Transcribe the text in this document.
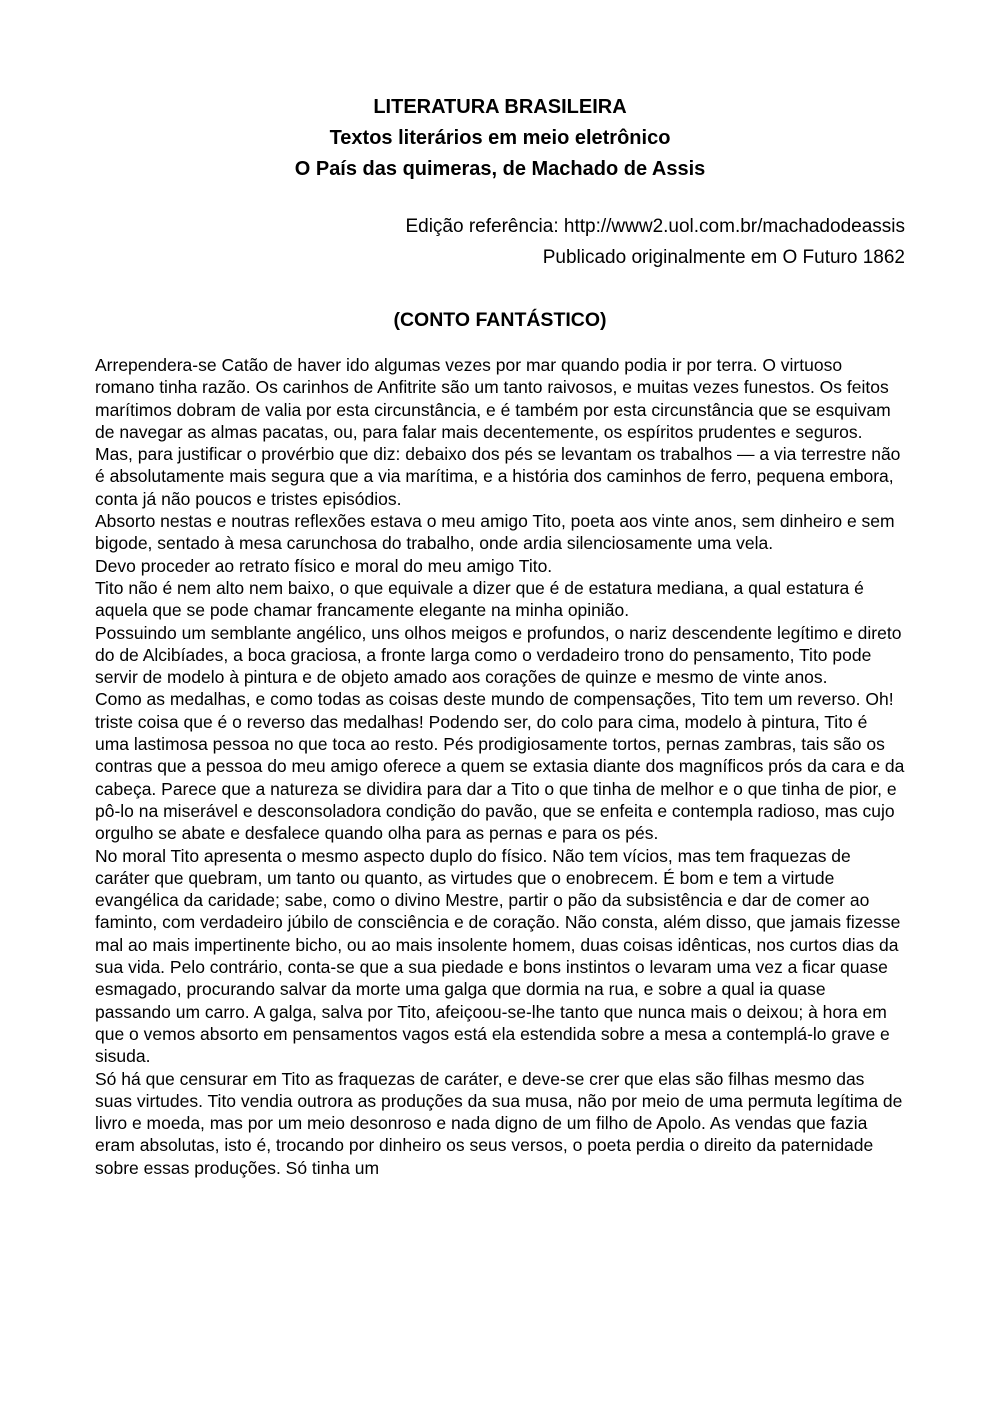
LITERATURA BRASILEIRA
Textos literários em meio eletrônico
O País das quimeras, de Machado de Assis
Edição referência: http://www2.uol.com.br/machadodeassis
Publicado originalmente em O Futuro 1862
(CONTO FANTÁSTICO)

Arrependera-se Catão de haver ido algumas vezes por mar quando podia ir por terra. O virtuoso romano tinha razão. Os carinhos de Anfitrite são um tanto raivosos, e muitas vezes funestos. Os feitos marítimos dobram de valia por esta circunstância, e é também por esta circunstância que se esquivam de navegar as almas pacatas, ou, para falar mais decentemente, os espíritos prudentes e seguros.

Mas, para justificar o provérbio que diz: debaixo dos pés se levantam os trabalhos — a via terrestre não é absolutamente mais segura que a via marítima, e a história dos caminhos de ferro, pequena embora, conta já não poucos e tristes episódios.

Absorto nestas e noutras reflexões estava o meu amigo Tito, poeta aos vinte anos, sem dinheiro e sem bigode, sentado à mesa carunchosa do trabalho, onde ardia silenciosamente uma vela.

Devo proceder ao retrato físico e moral do meu amigo Tito.

Tito não é nem alto nem baixo, o que equivale a dizer que é de estatura mediana, a qual estatura é aquela que se pode chamar francamente elegante na minha opinião.

Possuindo um semblante angélico, uns olhos meigos e profundos, o nariz descendente legítimo e direto do de Alcibíades, a boca graciosa, a fronte larga como o verdadeiro trono do pensamento, Tito pode servir de modelo à pintura e de objeto amado aos corações de quinze e mesmo de vinte anos.

Como as medalhas, e como todas as coisas deste mundo de compensações, Tito tem um reverso. Oh! triste coisa que é o reverso das medalhas! Podendo ser, do colo para cima, modelo à pintura, Tito é uma lastimosa pessoa no que toca ao resto. Pés prodigiosamente tortos, pernas zambras, tais são os contras que a pessoa do meu amigo oferece a quem se extasia diante dos magníficos prós da cara e da cabeça. Parece que a natureza se dividira para dar a Tito o que tinha de melhor e o que tinha de pior, e pô-lo na miserável e desconsoladora condição do pavão, que se enfeita e contempla radioso, mas cujo orgulho se abate e desfalece quando olha para as pernas e para os pés.

No moral Tito apresenta o mesmo aspecto duplo do físico. Não tem vícios, mas tem fraquezas de caráter que quebram, um tanto ou quanto, as virtudes que o enobrecem. É bom e tem a virtude evangélica da caridade; sabe, como o divino Mestre, partir o pão da subsistência e dar de comer ao faminto, com verdadeiro júbilo de consciência e de coração. Não consta, além disso, que jamais fizesse mal ao mais impertinente bicho, ou ao mais insolente homem, duas coisas idênticas, nos curtos dias da sua vida. Pelo contrário, conta-se que a sua piedade e bons instintos o levaram uma vez a ficar quase esmagado, procurando salvar da morte uma galga que dormia na rua, e sobre a qual ia quase passando um carro. A galga, salva por Tito, afeiçoou-se-lhe tanto que nunca mais o deixou; à hora em que o vemos absorto em pensamentos vagos está ela estendida sobre a mesa a contemplá-lo grave e sisuda.

Só há que censurar em Tito as fraquezas de caráter, e deve-se crer que elas são filhas mesmo das suas virtudes. Tito vendia outrora as produções da sua musa, não por meio de uma permuta legítima de livro e moeda, mas por um meio desonroso e nada digno de um filho de Apolo. As vendas que fazia eram absolutas, isto é, trocando por dinheiro os seus versos, o poeta perdia o direito da paternidade sobre essas produções. Só tinha um
